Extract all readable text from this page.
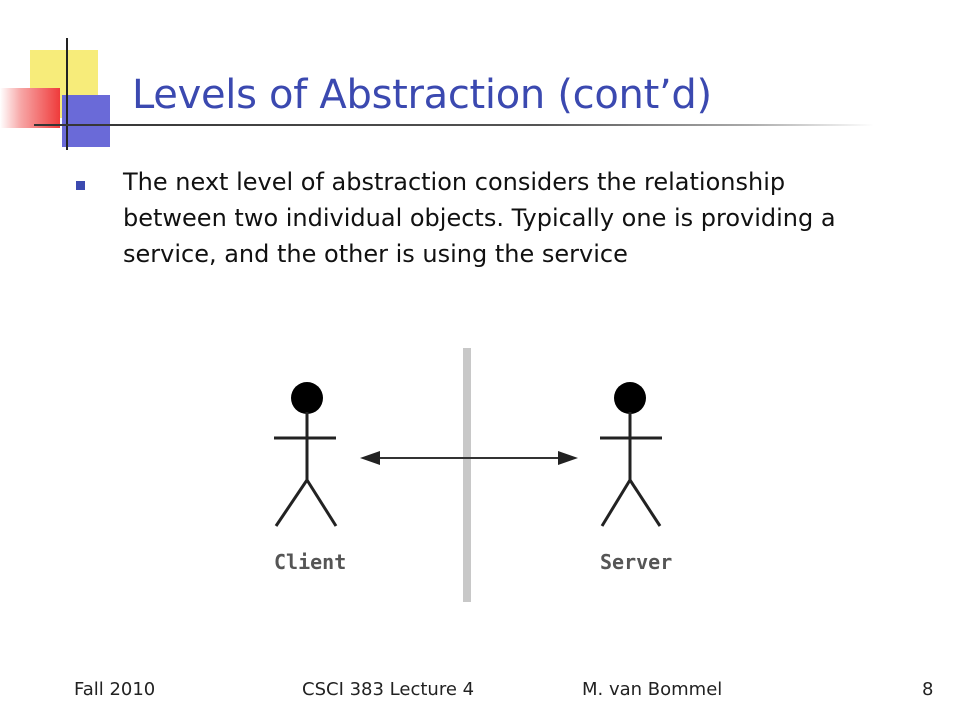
Levels of Abstraction (cont’d)
The next level of abstraction considers the relationship between two individual objects. Typically one is providing a service, and the other is using the service
Client	Server
Fall 2010	CSCI 383 Lecture 4	M. van Bommel	8
